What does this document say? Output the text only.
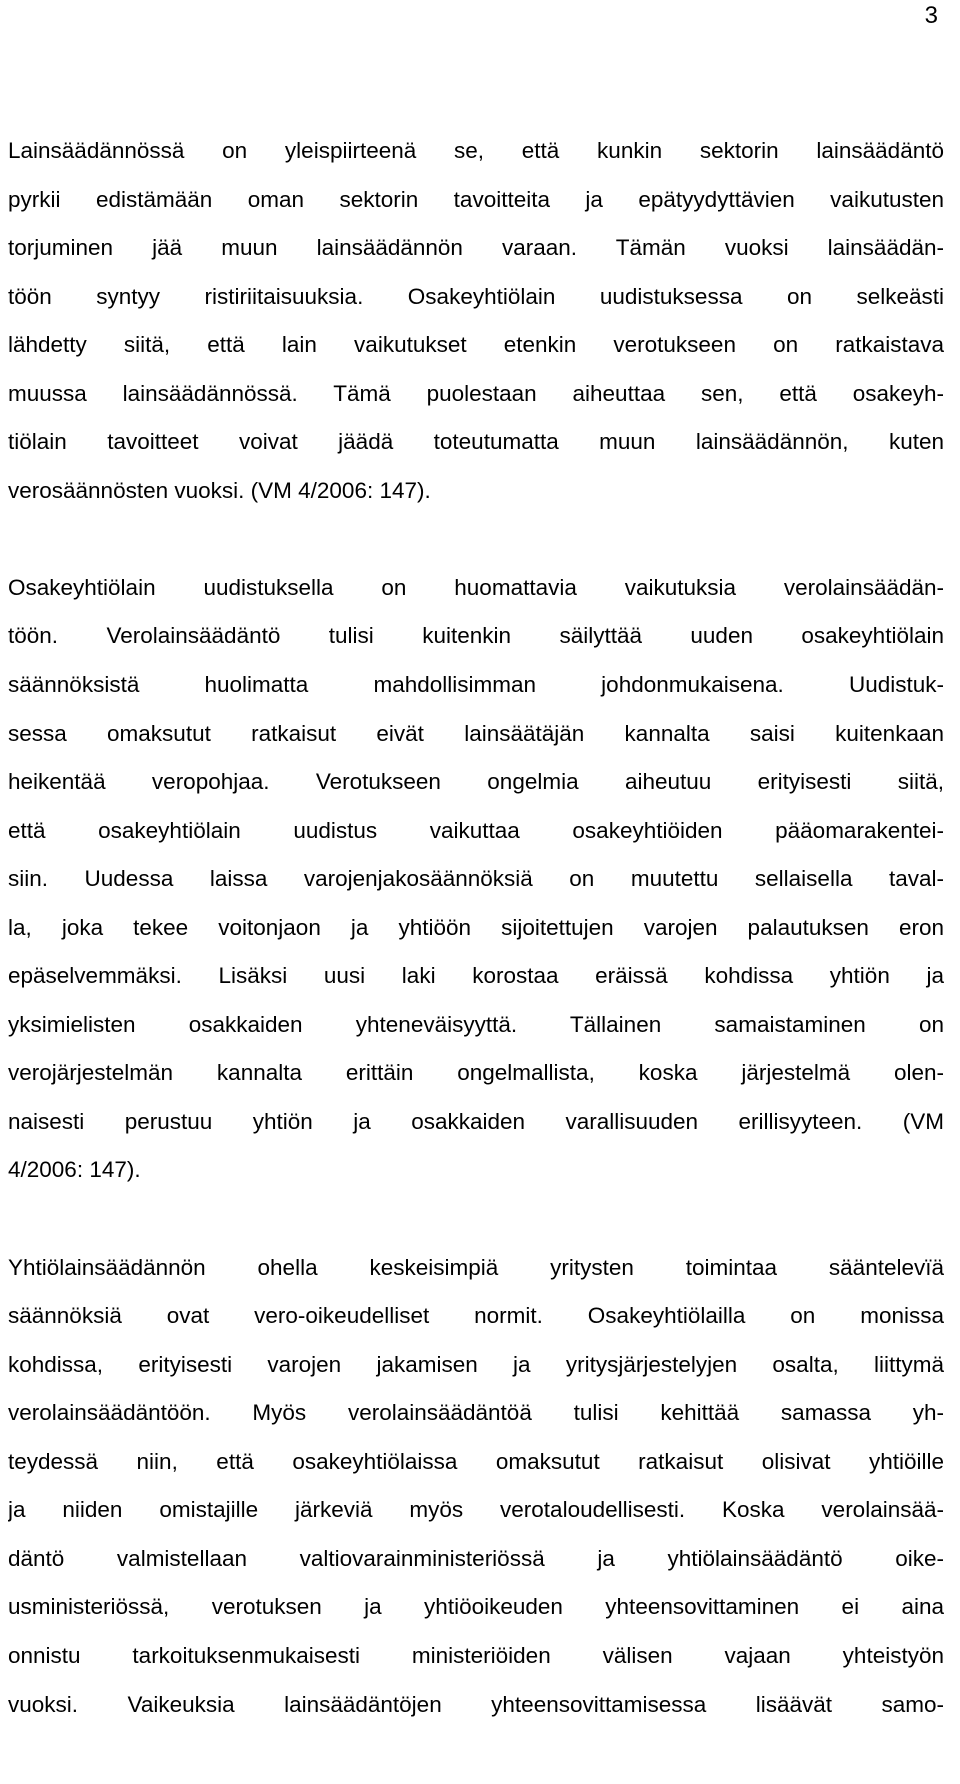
3
Lainsäädännössä on yleispiirteenä se, että kunkin sektorin lainsäädäntö
pyrkii edistämään oman sektorin tavoitteita ja epätyydyttävien vaikutusten
torjuminen jää muun lainsäädännön varaan. Tämän vuoksi lainsäädän-
töön syntyy ristiriitaisuuksia. Osakeyhtiölain uudistuksessa on selkeästi
lähdetty siitä, että lain vaikutukset etenkin verotukseen on ratkaistava
muussa lainsäädännössä. Tämä puolestaan aiheuttaa sen, että osakeyh-
tiölain tavoitteet voivat jäädä toteutumatta muun lainsäädännön, kuten
verosäännösten vuoksi. (VM 4/2006: 147).
Osakeyhtiölain uudistuksella on huomattavia vaikutuksia verolainsäädän-
töön. Verolainsäädäntö tulisi kuitenkin säilyttää uuden osakeyhtiölain
säännöksistä huolimatta mahdollisimman johdonmukaisena. Uudistuk-
sessa omaksutut ratkaisut eivät lainsäätäjän kannalta saisi kuitenkaan
heikentää veropohjaa. Verotukseen ongelmia aiheutuu erityisesti siitä,
että osakeyhtiölain uudistus vaikuttaa osakeyhtiöiden pääomarakentei-
siin. Uudessa laissa varojenjakosäännöksiä on muutettu sellaisella taval-
la, joka tekee voitonjaon ja yhtiöön sijoitettujen varojen palautuksen eron
epäselvemmäksi. Lisäksi uusi laki korostaa eräissä kohdissa yhtiön ja
yksimielisten osakkaiden yhteneväisyyttä. Tällainen samaistaminen on
verojärjestelmän kannalta erittäin ongelmallista, koska järjestelmä olen-
naisesti perustuu yhtiön ja osakkaiden varallisuuden erillisyyteen. (VM
4/2006: 147).
Yhtiölainsäädännön ohella keskeisimpiä yritysten toimintaa sääntelevïä
säännöksiä ovat vero-oikeudelliset normit. Osakeyhtiölailla on monissa
kohdissa, erityisesti varojen jakamisen ja yritysjärjestelyjen osalta, liittymä
verolainsäädäntöön. Myös verolainsäädäntöä tulisi kehittää samassa yh-
teydessä niin, että osakeyhtiölaissa omaksutut ratkaisut olisivat yhtiöille
ja niiden omistajille järkeviä myös verotaloudellisesti. Koska verolainsää-
däntö valmistellaan valtiovarainministeriössä ja yhtiölainsäädäntö oike-
usministeriössä, verotuksen ja yhtiöoikeuden yhteensovittaminen ei aina
onnistu tarkoituksenmukaisesti ministeriöiden välisen vajaan yhteistyön
vuoksi. Vaikeuksia lainsäädäntöjen yhteensovittamisessa lisäävät samo-
